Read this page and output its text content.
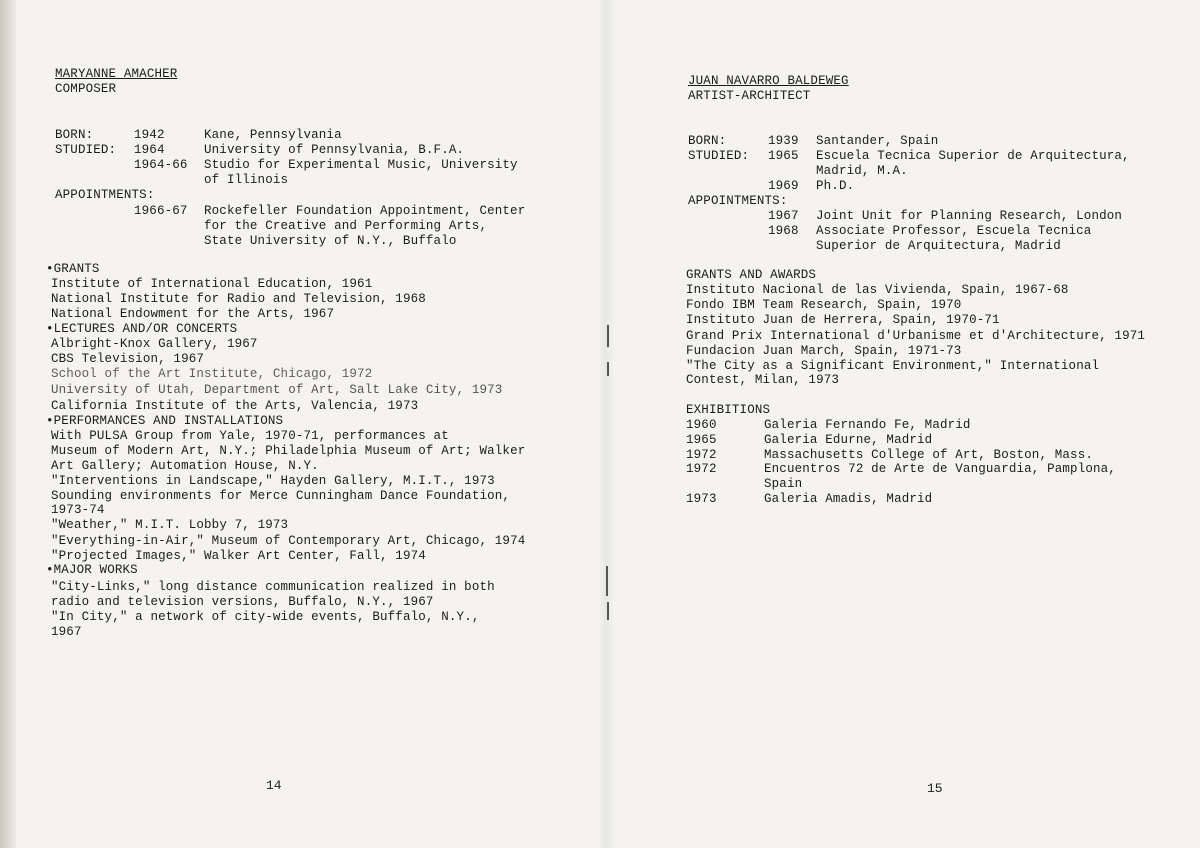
MARYANNE AMACHER
COMPOSER
BORN:	1942	Kane, Pennsylvania
STUDIED: 1964	University of Pennsylvania, B.F.A.
1964-66 Studio for Experimental Music, University
of Illinois
APPOINTMENTS:
1966-67 Rockefeller Foundation Appointment, Center
for the Creative and Performing Arts,
State University of N.Y., Buffalo
•GRANTS
Institute of International Education, 1961
National Institute for Radio and Television, 1968
National Endowment for the Arts, 1967
•LECTURES AND/OR CONCERTS
Albright-Knox Gallery, 1967
CBS Television, 1967
School of the Art Institute, Chicago, 1972
University of Utah, Department of Art, Salt Lake City, 1973
California Institute of the Arts, Valencia, 1973
•PERFORMANCES AND INSTALLATIONS
With PULSA Group from Yale, 1970-71, performances at
Museum of Modern Art, N.Y.; Philadelphia Museum of Art; Walker
Art Gallery; Automation House, N.Y.
"Interventions in Landscape," Hayden Gallery, M.I.T., 1973
Sounding environments for Merce Cunningham Dance Foundation,
1973-74
"Weather," M.I.T. Lobby 7, 1973
"Everything-in-Air," Museum of Contemporary Art, Chicago, 1974
"Projected Images," Walker Art Center, Fall, 1974
•MAJOR WORKS
"City-Links," long distance communication realized in both
radio and television versions, Buffalo, N.Y., 1967
"In City," a network of city-wide events, Buffalo, N.Y.,
1967
14
JUAN NAVARRO BALDEWEG
ARTIST-ARCHITECT
BORN:	1939 Santander, Spain
STUDIED: 1965 Escuela Tecnica Superior de Arquitectura,
Madrid, M.A.
1969 Ph.D.
APPOINTMENTS:
1967 Joint Unit for Planning Research, London
1968 Associate Professor, Escuela Tecnica
Superior de Arquitectura, Madrid
GRANTS AND AWARDS
Instituto Nacional de las Vivienda, Spain, 1967-68
Fondo IBM Team Research, Spain, 1970
Instituto Juan de Herrera, Spain, 1970-71
Grand Prix International d'Urbanisme et d'Architecture, 1971
Fundacion Juan March, Spain, 1971-73
"The City as a Significant Environment," International
Contest, Milan, 1973
EXHIBITIONS
1960	Galeria Fernando Fe, Madrid
1965	Galeria Edurne, Madrid
1972	Massachusetts College of Art, Boston, Mass.
1972	Encuentros 72 de Arte de Vanguardia, Pamplona,
Spain
1973	Galeria Amadis, Madrid
15
